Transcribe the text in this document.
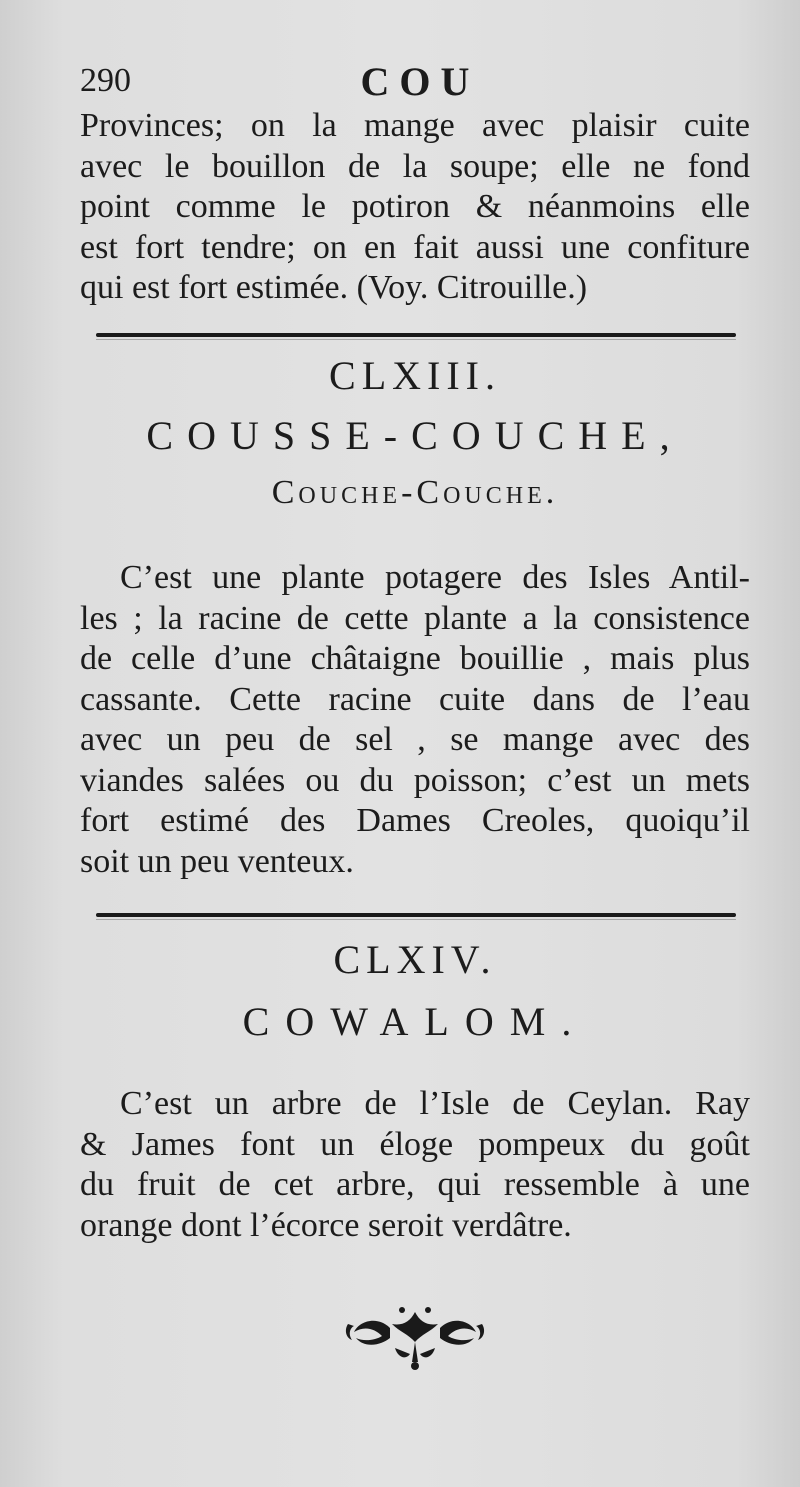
290	COU
Provinces; on la mange avec plaisir cuite
avec le bouillon de la soupe; elle ne fond
point comme le potiron & néanmoins elle
est fort tendre; on en fait aussi une confiture
qui est fort estimée. (Voy. Citrouille.)
CLXIII.
COUSSE-COUCHE,
Couche-Couche.
C’est une plante potagere des Isles Antil-
les ; la racine de cette plante a la consistence
de celle d’une châtaigne bouillie , mais plus
cassante. Cette racine cuite dans de l’eau
avec un peu de sel , se mange avec des
viandes salées ou du poisson; c’est un mets
fort estimé des Dames Creoles, quoiqu’il
soit un peu venteux.
CLXIV.
COWALOM.
C’est un arbre de l’Isle de Ceylan. Ray
& James font un éloge pompeux du goût
du fruit de cet arbre, qui ressemble à une
orange dont l’écorce seroit verdâtre.
